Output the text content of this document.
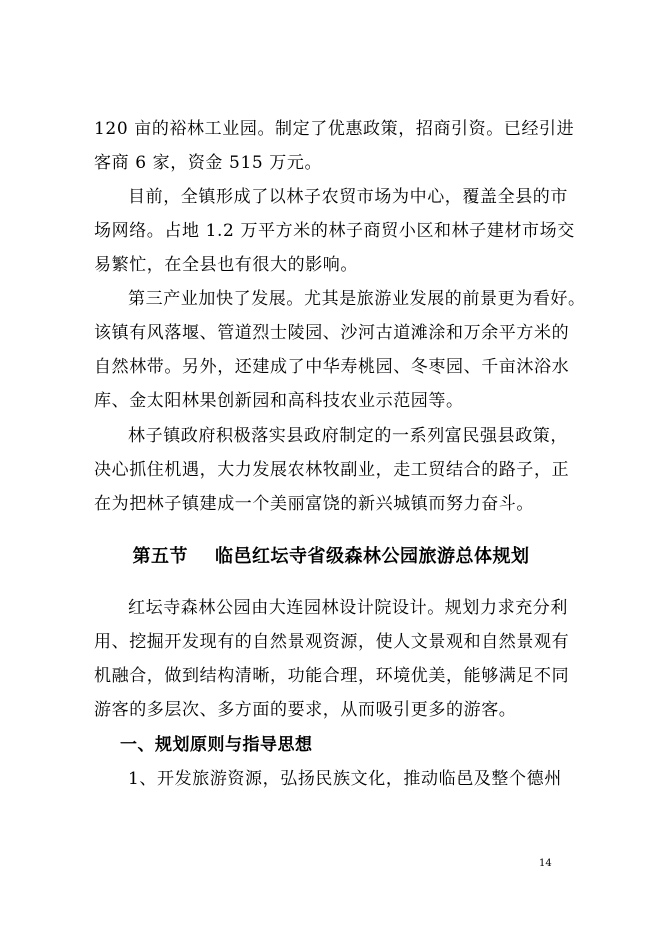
120 亩的裕林工业园。制定了优惠政策，招商引资。已经引进
客商 6 家，资金 515 万元。
目前，全镇形成了以林子农贸市场为中心，覆盖全县的市
场网络。占地 1.2 万平方米的林子商贸小区和林子建材市场交
易繁忙，在全县也有很大的影响。
第三产业加快了发展。尤其是旅游业发展的前景更为看好。
该镇有风落堰、管道烈士陵园、沙河古道滩涂和万余平方米的
自然林带。另外，还建成了中华寿桃园、冬枣园、千亩沐浴水
库、金太阳林果创新园和高科技农业示范园等。
林子镇政府积极落实县政府制定的一系列富民强县政策，
决心抓住机遇，大力发展农林牧副业，走工贸结合的路子，正
在为把林子镇建成一个美丽富饶的新兴城镇而努力奋斗。
第五节    临邑红坛寺省级森林公园旅游总体规划
红坛寺森林公园由大连园林设计院设计。规划力求充分利
用、挖掘开发现有的自然景观资源，使人文景观和自然景观有
机融合，做到结构清晰，功能合理，环境优美，能够满足不同
游客的多层次、多方面的要求，从而吸引更多的游客。
一、规划原则与指导思想
1、开发旅游资源，弘扬民族文化，推动临邑及整个德州
14
